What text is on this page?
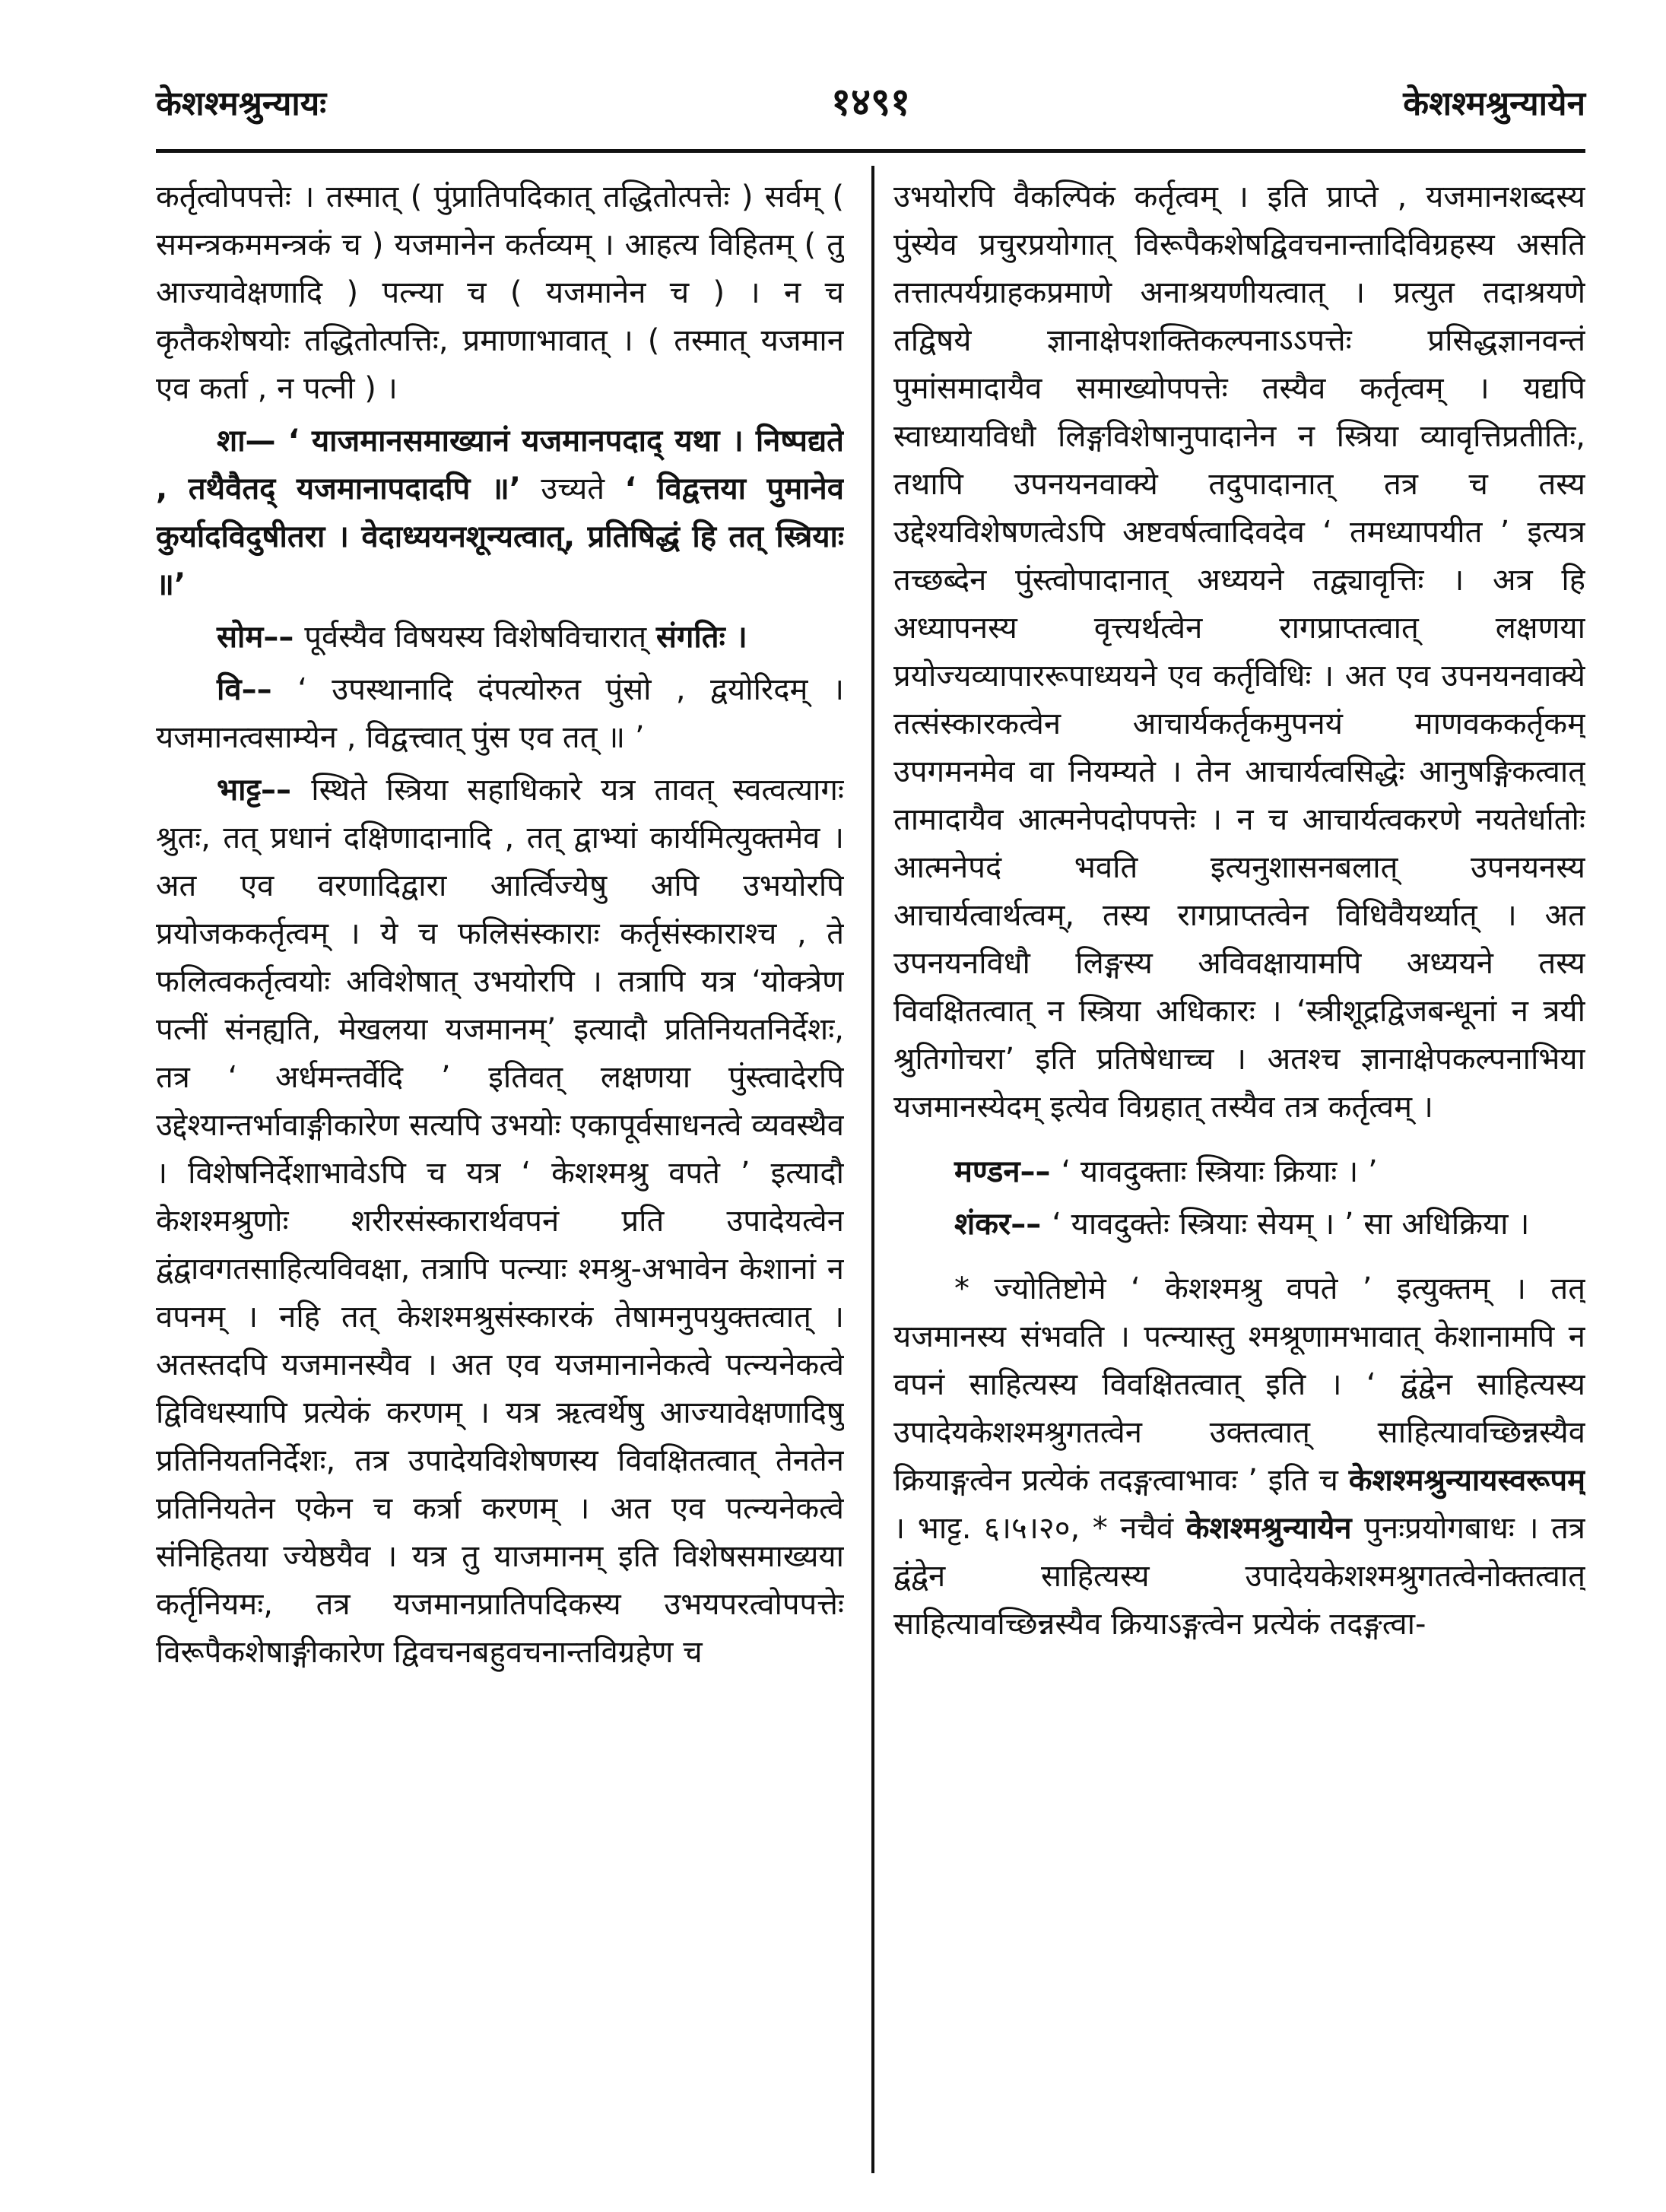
केशश्मश्रुन्यायः	१४९१	केशश्मश्रुन्यायेन

कर्तृत्वोपपत्तेः । तस्मात् ( पुंप्रातिपदिकात् तद्धितोत्पत्तेः ) सर्वम् ( समन्त्रकममन्त्रकं च ) यजमानेन कर्तव्यम् । आहत्य विहितम् ( तु आज्यावेक्षणादि ) पत्न्या च ( यजमानेन च ) । न च कृतैकशेषयोः तद्धितोत्पत्तिः, प्रमाणाभावात् । ( तस्मात् यजमान एव कर्ता , न पत्नी ) ।

शा— ‘ याजमानसमाख्यानं यजमानपदाद् यथा । निष्पद्यते , तथैवैतद् यजमानापदादपि ॥’ उच्यते ‘ विद्वत्तया पुमानेव कुर्यादविदुषीतरा । वेदाध्ययनशून्यत्वात्, प्रतिषिद्धं हि तत् स्त्रियाः ॥’

सोम–– पूर्वस्यैव विषयस्य विशेषविचारात् संगतिः ।

वि–– ‘ उपस्थानादि दंपत्योरुत पुंसो , द्वयोरिदम् । यजमानत्वसाम्येन , विद्वत्त्वात् पुंस एव तत् ॥ ’

भाट्ट–– स्थिते स्त्रिया सहाधिकारे यत्र तावत् स्वत्वत्यागः श्रुतः, तत् प्रधानं दक्षिणादानादि , तत् द्वाभ्यां कार्यमित्युक्तमेव । अत एव वरणादिद्वारा आर्त्विज्येषु अपि उभयोरपि प्रयोजककर्तृत्वम् । ये च फलिसंस्काराः कर्तृसंस्काराश्च , ते फलित्वकर्तृत्वयोः अविशेषात् उभयोरपि । तत्रापि यत्र ‘योक्त्रेण पत्नीं संनह्यति, मेखलया यजमानम्’ इत्यादौ प्रतिनियतनिर्देशः, तत्र ‘ अर्धमन्तर्वेदि ’ इतिवत् लक्षणया पुंस्त्वादेरपि उद्देश्यान्तर्भावाङ्गीकारेण सत्यपि उभयोः एकापूर्वसाधनत्वे व्यवस्थैव । विशेषनिर्देशाभावेऽपि च यत्र ‘ केशश्मश्रु वपते ’ इत्यादौ केशश्मश्रुणोः शरीरसंस्कारार्थवपनं प्रति उपादेयत्वेन द्वंद्वावगतसाहित्यविवक्षा, तत्रापि पत्न्याः श्मश्रु-अभावेन केशानां न वपनम् । नहि तत् केशश्मश्रुसंस्कारकं तेषामनुपयुक्तत्वात् । अतस्तदपि यजमानस्यैव । अत एव यजमानानेकत्वे पत्न्यनेकत्वे द्विविधस्यापि प्रत्येकं करणम् । यत्र ऋत्वर्थेषु आज्यावेक्षणादिषु प्रतिनियतनिर्देशः, तत्र उपादेयविशेषणस्य विवक्षितत्वात् तेनतेन प्रतिनियतेन एकेन च कर्त्रा करणम् । अत एव पत्न्यनेकत्वे संनिहितया ज्येष्ठयैव । यत्र तु याजमानम् इति विशेषसमाख्यया कर्तृनियमः, तत्र यजमानप्रातिपदिकस्य उभयपरत्वोपपत्तेः विरूपैकशेषाङ्गीकारेण द्विवचनबहुवचनान्तविग्रहेण च

उभयोरपि वैकल्पिकं कर्तृत्वम् । इति प्राप्ते , यजमानशब्दस्य पुंस्येव प्रचुरप्रयोगात् विरूपैकशेषद्विवचनान्तादिविग्रहस्य असति तत्तात्पर्यग्राहकप्रमाणे अनाश्रयणीयत्वात् । प्रत्युत तदाश्रयणे तद्विषये ज्ञानाक्षेपशक्तिकल्पनाऽऽपत्तेः प्रसिद्धज्ञानवन्तं पुमांसमादायैव समाख्योपपत्तेः तस्यैव कर्तृत्वम् । यद्यपि स्वाध्यायविधौ लिङ्गविशेषानुपादानेन न स्त्रिया व्यावृत्तिप्रतीतिः, तथापि उपनयनवाक्ये तदुपादानात् तत्र च तस्य उद्देश्यविशेषणत्वेऽपि अष्टवर्षत्वादिवदेव ‘ तमध्यापयीत ’ इत्यत्र तच्छब्देन पुंस्त्वोपादानात् अध्ययने तद्व्यावृत्तिः । अत्र हि अध्यापनस्य वृत्त्यर्थत्वेन रागप्राप्तत्वात् लक्षणया प्रयोज्यव्यापाररूपाध्ययने एव कर्तृविधिः । अत एव उपनयनवाक्ये तत्संस्कारकत्वेन आचार्यकर्तृकमुपनयं माणवककर्तृकम् उपगमनमेव वा नियम्यते । तेन आचार्यत्वसिद्धेः आनुषङ्गिकत्वात् तामादायैव आत्मनेपदोपपत्तेः । न च आचार्यत्वकरणे नयतेर्धातोः आत्मनेपदं भवति इत्यनुशासनबलात् उपनयनस्य आचार्यत्वार्थत्वम्, तस्य रागप्राप्तत्वेन विधिवैयर्थ्यात् । अत उपनयनविधौ लिङ्गस्य अविवक्षायामपि अध्ययने तस्य विवक्षितत्वात् न स्त्रिया अधिकारः । ‘स्त्रीशूद्रद्विजबन्धूनां न त्रयी श्रुतिगोचरा’ इति प्रतिषेधाच्च । अतश्च ज्ञानाक्षेपकल्पनाभिया यजमानस्येदम् इत्येव विग्रहात् तस्यैव तत्र कर्तृत्वम् ।

मण्डन–– ‘ यावदुक्ताः स्त्रियाः क्रियाः । ’

शंकर–– ‘ यावदुक्तेः स्त्रियाः सेयम् । ’ सा अधिक्रिया ।

* ज्योतिष्टोमे ‘ केशश्मश्रु वपते ’ इत्युक्तम् । तत् यजमानस्य संभवति । पत्न्यास्तु श्मश्रूणामभावात् केशानामपि न वपनं साहित्यस्य विवक्षितत्वात् इति । ‘ द्वंद्वेन साहित्यस्य उपादेयकेशश्मश्रुगतत्वेन उक्तत्वात् साहित्यावच्छिन्नस्यैव क्रियाङ्गत्वेन प्रत्येकं तदङ्गत्वाभावः ’ इति च केशश्मश्रुन्यायस्वरूपम् । भाट्ट. ६।५।२०, * नचैवं केशश्मश्रुन्यायेन पुनःप्रयोगबाधः । तत्र द्वंद्वेन साहित्यस्य उपादेयकेशश्मश्रुगतत्वेनोक्तत्वात् साहित्यावच्छिन्नस्यैव क्रियाऽङ्गत्वेन प्रत्येकं तदङ्गत्वा-
